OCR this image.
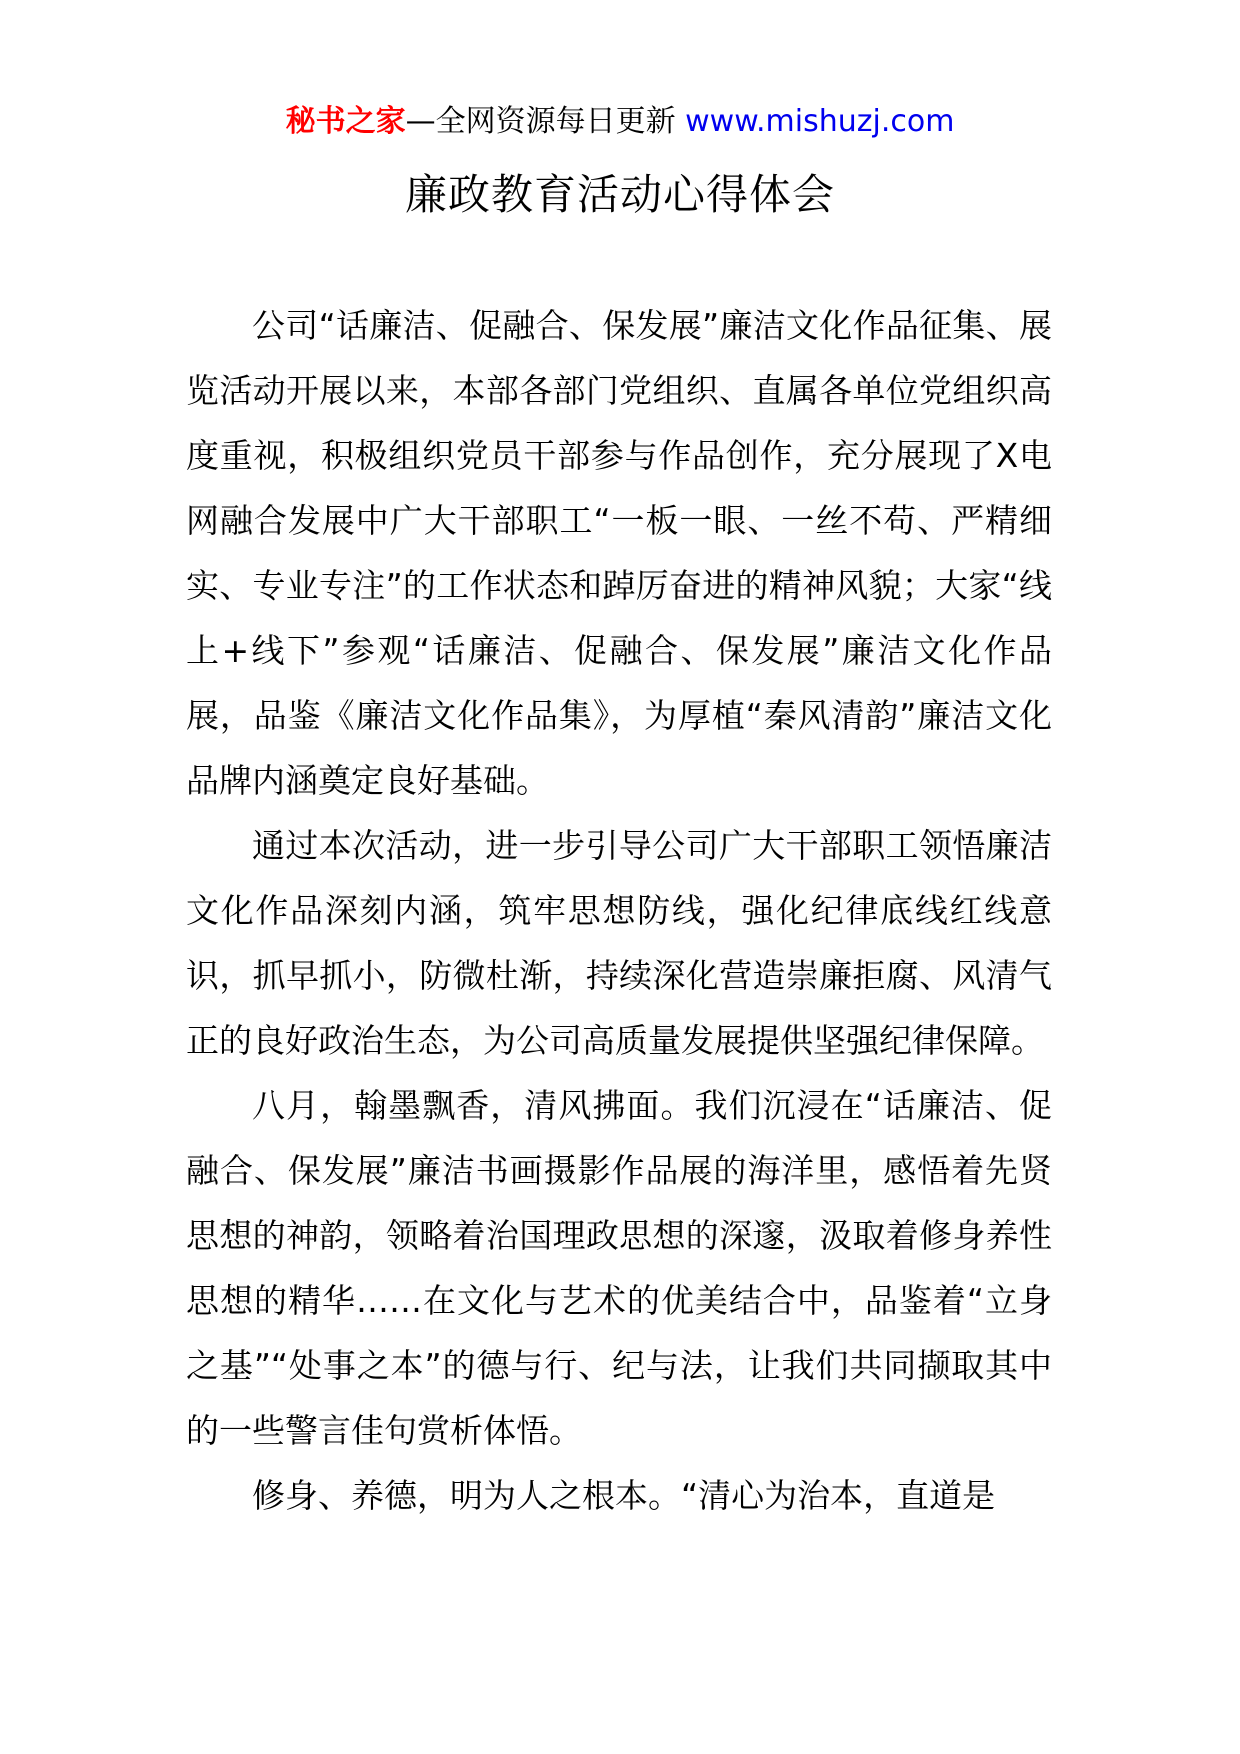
秘书之家—全网资源每日更新 www.mishuzj.com
廉政教育活动心得体会

公司“话廉洁、促融合、保发展”廉洁文化作品征集、展览活动开展以来，本部各部门党组织、直属各单位党组织高度重视，积极组织党员干部参与作品创作，充分展现了X电网融合发展中广大干部职工“一板一眼、一丝不苟、严精细实、专业专注”的工作状态和踔厉奋进的精神风貌；大家“线上+线下”参观“话廉洁、促融合、保发展”廉洁文化作品展，品鉴《廉洁文化作品集》，为厚植“秦风清韵”廉洁文化品牌内涵奠定良好基础。

通过本次活动，进一步引导公司广大干部职工领悟廉洁文化作品深刻内涵，筑牢思想防线，强化纪律底线红线意识，抓早抓小，防微杜渐，持续深化营造崇廉拒腐、风清气正的良好政治生态，为公司高质量发展提供坚强纪律保障。

八月，翰墨飘香，清风拂面。我们沉浸在“话廉洁、促融合、保发展”廉洁书画摄影作品展的海洋里，感悟着先贤思想的神韵，领略着治国理政思想的深邃，汲取着修身养性思想的精华……在文化与艺术的优美结合中，品鉴着“立身之基”“处事之本”的德与行、纪与法，让我们共同撷取其中的一些警言佳句赏析体悟。

修身、养德，明为人之根本。“清心为治本，直道是
